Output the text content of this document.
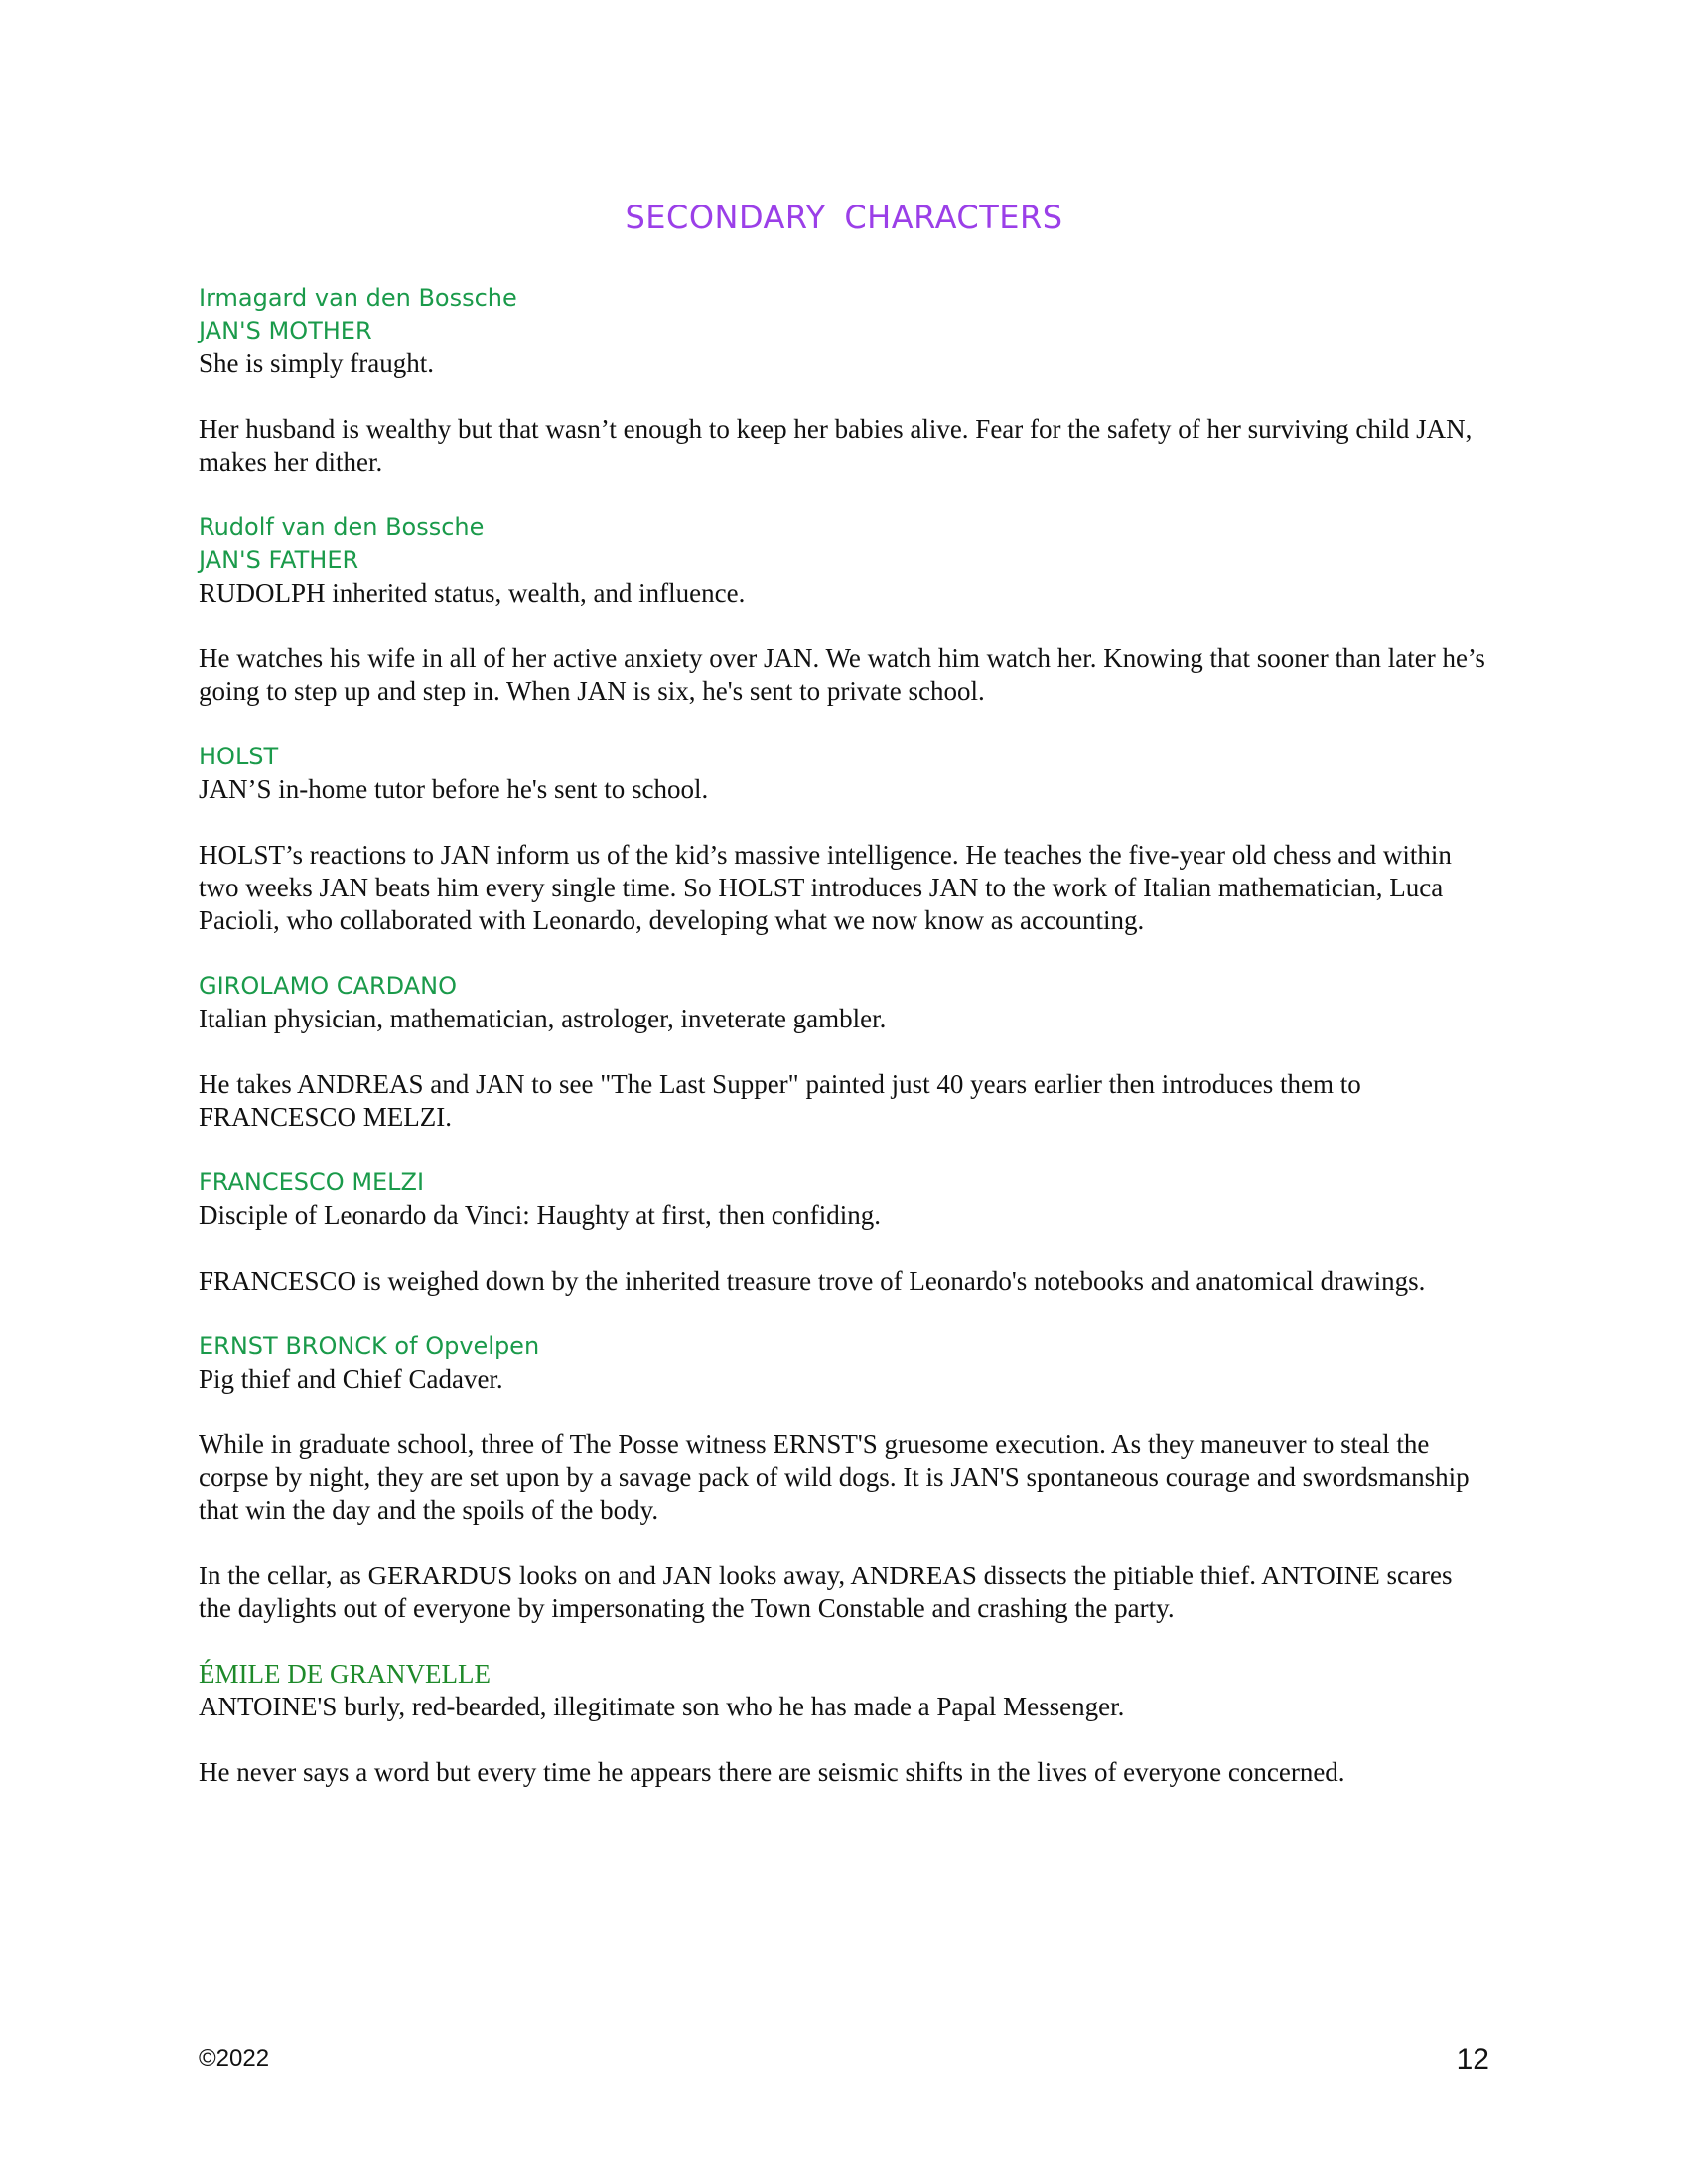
SECONDARY CHARACTERS

Irmagard van den Bossche

JAN'S MOTHER

She is simply fraught.

Her husband is wealthy but that wasn’t enough to keep her babies alive. Fear for the safety of her surviving child JAN, makes her dither.

Rudolf van den Bossche

JAN'S FATHER

RUDOLPH inherited status, wealth, and influence.

He watches his wife in all of her active anxiety over JAN. We watch him watch her. Knowing that sooner than later he’s going to step up and step in. When JAN is six, he's sent to private school.

HOLST

JAN’S in-home tutor before he's sent to school.

HOLST’s reactions to JAN inform us of the kid’s massive intelligence. He teaches the five-year old chess and within two weeks JAN beats him every single time. So HOLST introduces JAN to the work of Italian mathematician, Luca Pacioli, who collaborated with Leonardo, developing what we now know as accounting.

GIROLAMO CARDANO

Italian physician, mathematician, astrologer, inveterate gambler.

He takes ANDREAS and JAN to see "The Last Supper" painted just 40 years earlier then introduces them to FRANCESCO MELZI.

FRANCESCO MELZI

Disciple of Leonardo da Vinci: Haughty at first, then confiding.

FRANCESCO is weighed down by the inherited treasure trove of Leonardo's notebooks and anatomical drawings.

ERNST BRONCK of Opvelpen

Pig thief and Chief Cadaver.

While in graduate school, three of The Posse witness ERNST'S gruesome execution. As they maneuver to steal the corpse by night, they are set upon by a savage pack of wild dogs. It is JAN'S spontaneous courage and swordsmanship that win the day and the spoils of the body.

In the cellar, as GERARDUS looks on and JAN looks away, ANDREAS dissects the pitiable thief. ANTOINE scares the daylights out of everyone by impersonating the Town Constable and crashing the party.

ÉMILE DE GRANVELLE

ANTOINE'S burly, red-bearded, illegitimate son who he has made a Papal Messenger.

He never says a word but every time he appears there are seismic shifts in the lives of everyone concerned.

©2022	12
